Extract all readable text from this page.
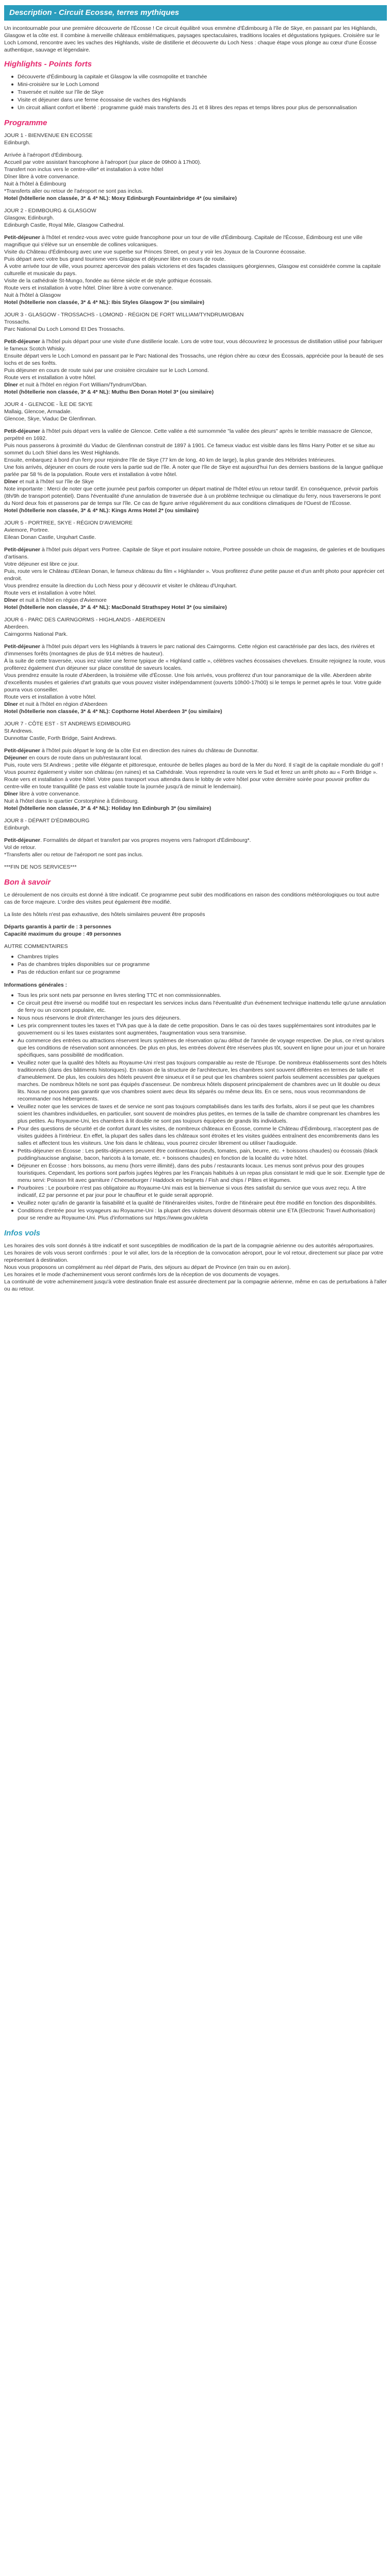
Description - Circuit Ecosse, terres mythiques

Un incontournable pour une première découverte de l'Écosse ! Ce circuit équilibré vous emmène d'Édimbourg à l'île de Skye, en passant par les Highlands, Glasgow et la côte est. Il combine à merveille châteaux emblématiques, paysages spectaculaires, traditions locales et dégustations typiques. Croisière sur le Loch Lomond, rencontre avec les vaches des Highlands, visite de distillerie et découverte du Loch Ness : chaque étape vous plonge au cœur d'une Écosse authentique, sauvage et légendaire.

Highlights - Points forts
Découverte d'Édimbourg la capitale et Glasgow la ville cosmopolite et tranchée
Mini-croisière sur le Loch Lomond
Traversée et nuitée sur l'île de Skye
Visite et déjeuner dans une ferme écossaise de vaches des Highlands
Un circuit alliant confort et liberté : programme guidé mais transferts des J1 et 8 libres des repas et temps libres pour plus de personnalisation
Programme

JOUR 1 - BIENVENUE EN ECOSSE

Edinburgh.

Arrivée à l'aéroport d'Édimbourg.

Accueil par votre assistant francophone à l'aéroport (sur place de 09h00 à 17h00).

Transfert non inclus vers le centre-ville* et installation à votre hôtel

Dîner libre à votre convenance.

Nuit à l'hôtel à Édimbourg

*Transferts aller ou retour de l'aéroport ne sont pas inclus.

Hotel (hôtellerie non classée, 3* & 4* NL): Moxy Edinburgh Fountainbridge 4* (ou similaire)

JOUR 2 - EDIMBOURG & GLASGOW

Glasgow, Edinburgh.

Edinburgh Castle, Royal Mile, Glasgow Cathedral.

Petit-déjeuner à l'hôtel et rendez-vous avec votre guide francophone pour un tour de ville d'Édimbourg. Capitale de l'Écosse, Édimbourg est une ville magnifique qui s'élève sur un ensemble de collines volcaniques.

Visite du Château d'Édimbourg avec une vue superbe sur Princes Street, on peut y voir les Joyaux de la Couronne écossaise.

Puis départ avec votre bus grand tourisme vers Glasgow et déjeuner libre en cours de route.

À votre arrivée tour de ville, vous pourrez apercevoir des palais victoriens et des façades classiques géorgiennes, Glasgow est considérée comme la capitale culturelle et musicale du pays.

Visite de la cathédrale St-Mungo, fondée au 6ème siècle et de style gothique écossais.

Route vers et installation à votre hôtel. Dîner libre à votre convenance.

Nuit à l'hôtel à Glasgow

Hotel (hôtellerie non classée, 3* & 4* NL): Ibis Styles Glasgow 3* (ou similaire)

JOUR 3 - GLASGOW - TROSSACHS - LOMOND - RÉGION DE FORT WILLIAM/TYNDRUM/OBAN

Trossachs.

Parc National Du Loch Lomond Et Des Trossachs.

Petit-déjeuner à l'hôtel puis départ pour une visite d'une distillerie locale. Lors de votre tour, vous découvrirez le processus de distillation utilisé pour fabriquer le fameux Scotch Whisky.

Ensuite départ vers le Loch Lomond en passant par le Parc National des Trossachs, une région chère au cœur des Écossais, appréciée pour la beauté de ses lochs et de ses forêts.

Puis déjeuner en cours de route suivi par une croisière circulaire sur le Loch Lomond.

Route vers et installation à votre hôtel.

Dîner et nuit à l'hôtel en région Fort William/Tyndrum/Oban.

Hotel (hôtellerie non classée, 3* & 4* NL): Muthu Ben Doran Hotel 3* (ou similaire)

JOUR 4 - GLENCOE - ÎLE DE SKYE

Mallaig, Glencoe, Armadale.

Glencoe, Skye, Viaduc De Glenfinnan.

Petit-déjeuner à l'hôtel puis départ vers la vallée de Glencoe. Cette vallée a été surnommée "la vallée des pleurs" après le terrible massacre de Glencoe, perpétré en 1692.

Puis nous passerons à proximité du Viaduc de Glenfinnan construit de 1897 à 1901. Ce fameux viaduc est visible dans les films Harry Potter et se situe au sommet du Loch Shiel dans les West Highlands.

Ensuite, embarquez à bord d'un ferry pour rejoindre l'île de Skye (77 km de long, 40 km de large), la plus grande des Hébrides Intérieures.

Une fois arrivés, déjeuner en cours de route vers la partie sud de l'île. À noter que l'île de Skye est aujourd'hui l'un des derniers bastions de la langue gaélique parlée par 58 % de la population. Route vers et installation à votre hôtel.

Dîner et nuit à l'hôtel sur l'île de Skye

Note importante : Merci de noter que cette journée peut parfois comporter un départ matinal de l'hôtel et/ou un retour tardif. En conséquence, prévoir parfois (8h/9h de transport potentiel). Dans l'éventualité d'une annulation de traversée due à un problème technique ou climatique du ferry, nous traverserons le pont du Nord deux fois et passerons par de temps sur l'île. Ce cas de figure arrive régulièrement du aux conditions climatiques de l'Ouest de l'Écosse.

Hotel (hôtellerie non classée, 3* & 4* NL): Kings Arms Hotel 2* (ou similaire)

JOUR 5 - PORTREE, SKYE - RÉGION D'AVIEMORE

Aviemore, Portree.

Eilean Donan Castle, Urquhart Castle.

Petit-déjeuner à l'hôtel puis départ vers Portree. Capitale de Skye et port insulaire notoire, Portree possède un choix de magasins, de galeries et de boutiques d'artisans.

Votre déjeuner est libre ce jour.

Puis, route vers le Château d'Eilean Donan, le fameux château du film « Highlander ». Vous profiterez d'une petite pause et d'un arrêt photo pour apprécier cet endroit.

Vous prendrez ensuite la direction du Loch Ness pour y découvrir et visiter le château d'Urquhart.

Route vers et installation à votre hôtel.

Dîner et nuit à l'hôtel en région d'Aviemore

Hotel (hôtellerie non classée, 3* & 4* NL): MacDonald Strathspey Hotel 3* (ou similaire)

JOUR 6 - PARC DES CAIRNGORMS - HIGHLANDS - ABERDEEN

Aberdeen.

Cairngorms National Park.

Petit-déjeuner à l'hôtel puis départ vers les Highlands à travers le parc national des Cairngorms. Cette région est caractérisée par des lacs, des rivières et d'immenses forêts (montagnes de plus de 914 mètres de hauteur).

À la suite de cette traversée, vous irez visiter une ferme typique de « Highland cattle », célèbres vaches écossaises chevelues. Ensuite rejoignez la route, vous profiterez également d'un déjeuner sur place constitué de saveurs locales.

Vous prendrez ensuite la route d'Aberdeen, la troisième ville d'Écosse. Une fois arrivés, vous profiterez d'un tour panoramique de la ville. Aberdeen abrite d'excellents musées et galeries d'art gratuits que vous pouvez visiter indépendamment (ouverts 10h00-17h00) si le temps le permet après le tour. Votre guide pourra vous conseiller.

Route vers et installation à votre hôtel.

Dîner et nuit à l'hôtel en région d'Aberdeen

Hotel (hôtellerie non classée, 3* & 4* NL): Copthorne Hotel Aberdeen 3* (ou similaire)

JOUR 7 - CÔTE EST - ST ANDREWS EDIMBOURG

St Andrews.

Dunnottar Castle, Forth Bridge, Saint Andrews.

Petit-déjeuner à l'hôtel puis départ le long de la côte Est en direction des ruines du château de Dunnottar.

Déjeuner en cours de route dans un pub/restaurant local.

Puis, route vers St Andrews ; petite ville élégante et pittoresque, entourée de belles plages au bord de la Mer du Nord. Il s'agit de la capitale mondiale du golf ! Vous pourrez également y visiter son château (en ruines) et sa Cathédrale. Vous reprendrez la route vers le Sud et ferez un arrêt photo au « Forth Bridge ».

Route vers et installation à votre hôtel. Votre pass transport vous attendra dans le lobby de votre hôtel pour votre dernière soirée pour pouvoir profiter du centre-ville en toute tranquillité (le pass est valable toute la journée jusqu'à de minuit le lendemain).

Dîner libre à votre convenance.

Nuit à l'hôtel dans le quartier Corstorphine à Édimbourg.

Hotel (hôtellerie non classée, 3* & 4* NL): Holiday Inn Edinburgh 3* (ou similaire)

JOUR 8 - DÉPART D'ÉDIMBOURG

Edinburgh.

Petit-déjeuner. Formalités de départ et transfert par vos propres moyens vers l'aéroport d'Édimbourg*.

Vol de retour.

*Transferts aller ou retour de l'aéroport ne sont pas inclus.

***FIN DE NOS SERVICES***

Bon à savoir

Le déroulement de nos circuits est donné à titre indicatif. Ce programme peut subir des modifications en raison des conditions météorologiques ou tout autre cas de force majeure. L'ordre des visites peut également être modifié.

La liste des hôtels n'est pas exhaustive, des hôtels similaires peuvent être proposés

Départs garantis à partir de : 3 personnes

Capacité maximum du groupe : 49 personnes

AUTRE COMMENTAIRES

Chambres triples
Pas de chambres triples disponibles sur ce programme
Pas de réduction enfant sur ce programme

Informations générales :

Tous les prix sont nets par personne en livres sterling TTC et non commissionnables.
Ce circuit peut être inversé ou modifié tout en respectant les services inclus dans l'éventualité d'un événement technique inattendu telle qu'une annulation de ferry ou un concert populaire, etc.
Nous nous réservons le droit d'interchanger les jours des déjeuners.
Les prix comprennent toutes les taxes et TVA pas que à la date de cette proposition. Dans le cas où des taxes supplémentaires sont introduites par le gouvernement ou si les taxes existantes sont augmentées, l'augmentation vous sera transmise.
Au commerce des entrées ou attractions réservent leurs systèmes de réservation qu'au début de l'année de voyage respective. De plus, ce n'est qu'alors que les conditions de réservation sont annoncées. De plus en plus, les entrées doivent être réservées plus tôt, souvent en ligne pour un jour et un horaire spécifiques, sans possibilité de modification.
Veuillez noter que la qualité des hôtels au Royaume-Uni n'est pas toujours comparable au reste de l'Europe. De nombreux établissements sont des hôtels traditionnels (dans des bâtiments historiques). En raison de la structure de l'architecture, les chambres sont souvent différentes en termes de taille et d'ameublement. De plus, les couloirs des hôtels peuvent être sinueux et il se peut que les chambres soient parfois seulement accessibles par quelques marches. De nombreux hôtels ne sont pas équipés d'ascenseur. De nombreux hôtels disposent principalement de chambres avec un lit double ou deux lits. Nous ne pouvons pas garantir que vos chambres soient avec deux lits séparés ou même deux lits. En ce sens, nous vous recommandons de recommander nos hébergements.
Veuillez noter que les services de taxes et de service ne sont pas toujours comptabilisés dans les tarifs des forfaits, alors il se peut que les chambres soient les chambres individuelles, en particulier, sont souvent de moindres plus petites, en termes de la taille de chambre comprenant les chambres les plus petites. Au Royaume-Uni, les chambres à lit double ne sont pas toujours équipées de grands lits individuels.
Pour des questions de sécurité et de confort durant les visites, de nombreux châteaux en Écosse, comme le Château d'Édimbourg, n'acceptent pas de visites guidées à l'intérieur. En effet, la plupart des salles dans les châteaux sont étroites et les visites guidées entraînent des encombrements dans les salles et affectent tous les visiteurs. Une fois dans le château, vous pourrez circuler librement ou utiliser l'audioguide.
Petits-déjeuner en Écosse : Les petits-déjeuners peuvent être continentaux (oeufs, tomates, pain, beurre, etc. + boissons chaudes) ou écossais (black pudding/saucisse anglaise, bacon, haricots à la tomate, etc. + boissons chaudes) en fonction de la localité du votre hôtel.
Déjeuner en Écosse : hors boissons, au menu (hors verre illimité), dans des pubs / restaurants locaux. Les menus sont prévus pour des groupes touristiques. Cependant, les portions sont parfois jugées légères par les Français habitués à un repas plus consistant le midi que le soir. Exemple type de menu servi: Poisson frit avec garniture / Cheeseburger / Haddock en beignets / Fish and chips / Pâtes et légumes.
Pourboires : Le pourboire n'est pas obligatoire au Royaume-Uni mais est la bienvenue si vous êtes satisfait du service que vous avez reçu. À titre indicatif, £2 par personne et par jour pour le chauffeur et le guide serait approprié.
Veuillez noter qu'afin de garantir la faisabilité et la qualité de l'itinéraire/des visites, l'ordre de l'itinéraire peut être modifié en fonction des disponibilités.
Conditions d'entrée pour les voyageurs au Royaume-Uni : la plupart des visiteurs doivent désormais obtenir une ETA (Electronic Travel Authorisation) pour se rendre au Royaume-Uni. Plus d'informations sur https://www.gov.uk/eta
Infos vols

Les horaires des vols sont donnés à titre indicatif et sont susceptibles de modification de la part de la compagnie aérienne ou des autorités aéroportuaires.

Les horaires de vols vous seront confirmés : pour le vol aller, lors de la réception de la convocation aéroport, pour le vol retour, directement sur place par votre représentant à destination.

Nous vous proposons un complément au réel départ de Paris, des séjours au départ de Province (en train ou en avion).

Les horaires et le mode d'acheminement vous seront confirmés lors de la réception de vos documents de voyages.

La continuité de votre acheminement jusqu'à votre destination finale est assurée directement par la compagnie aérienne, même en cas de perturbations à l'aller ou au retour.
